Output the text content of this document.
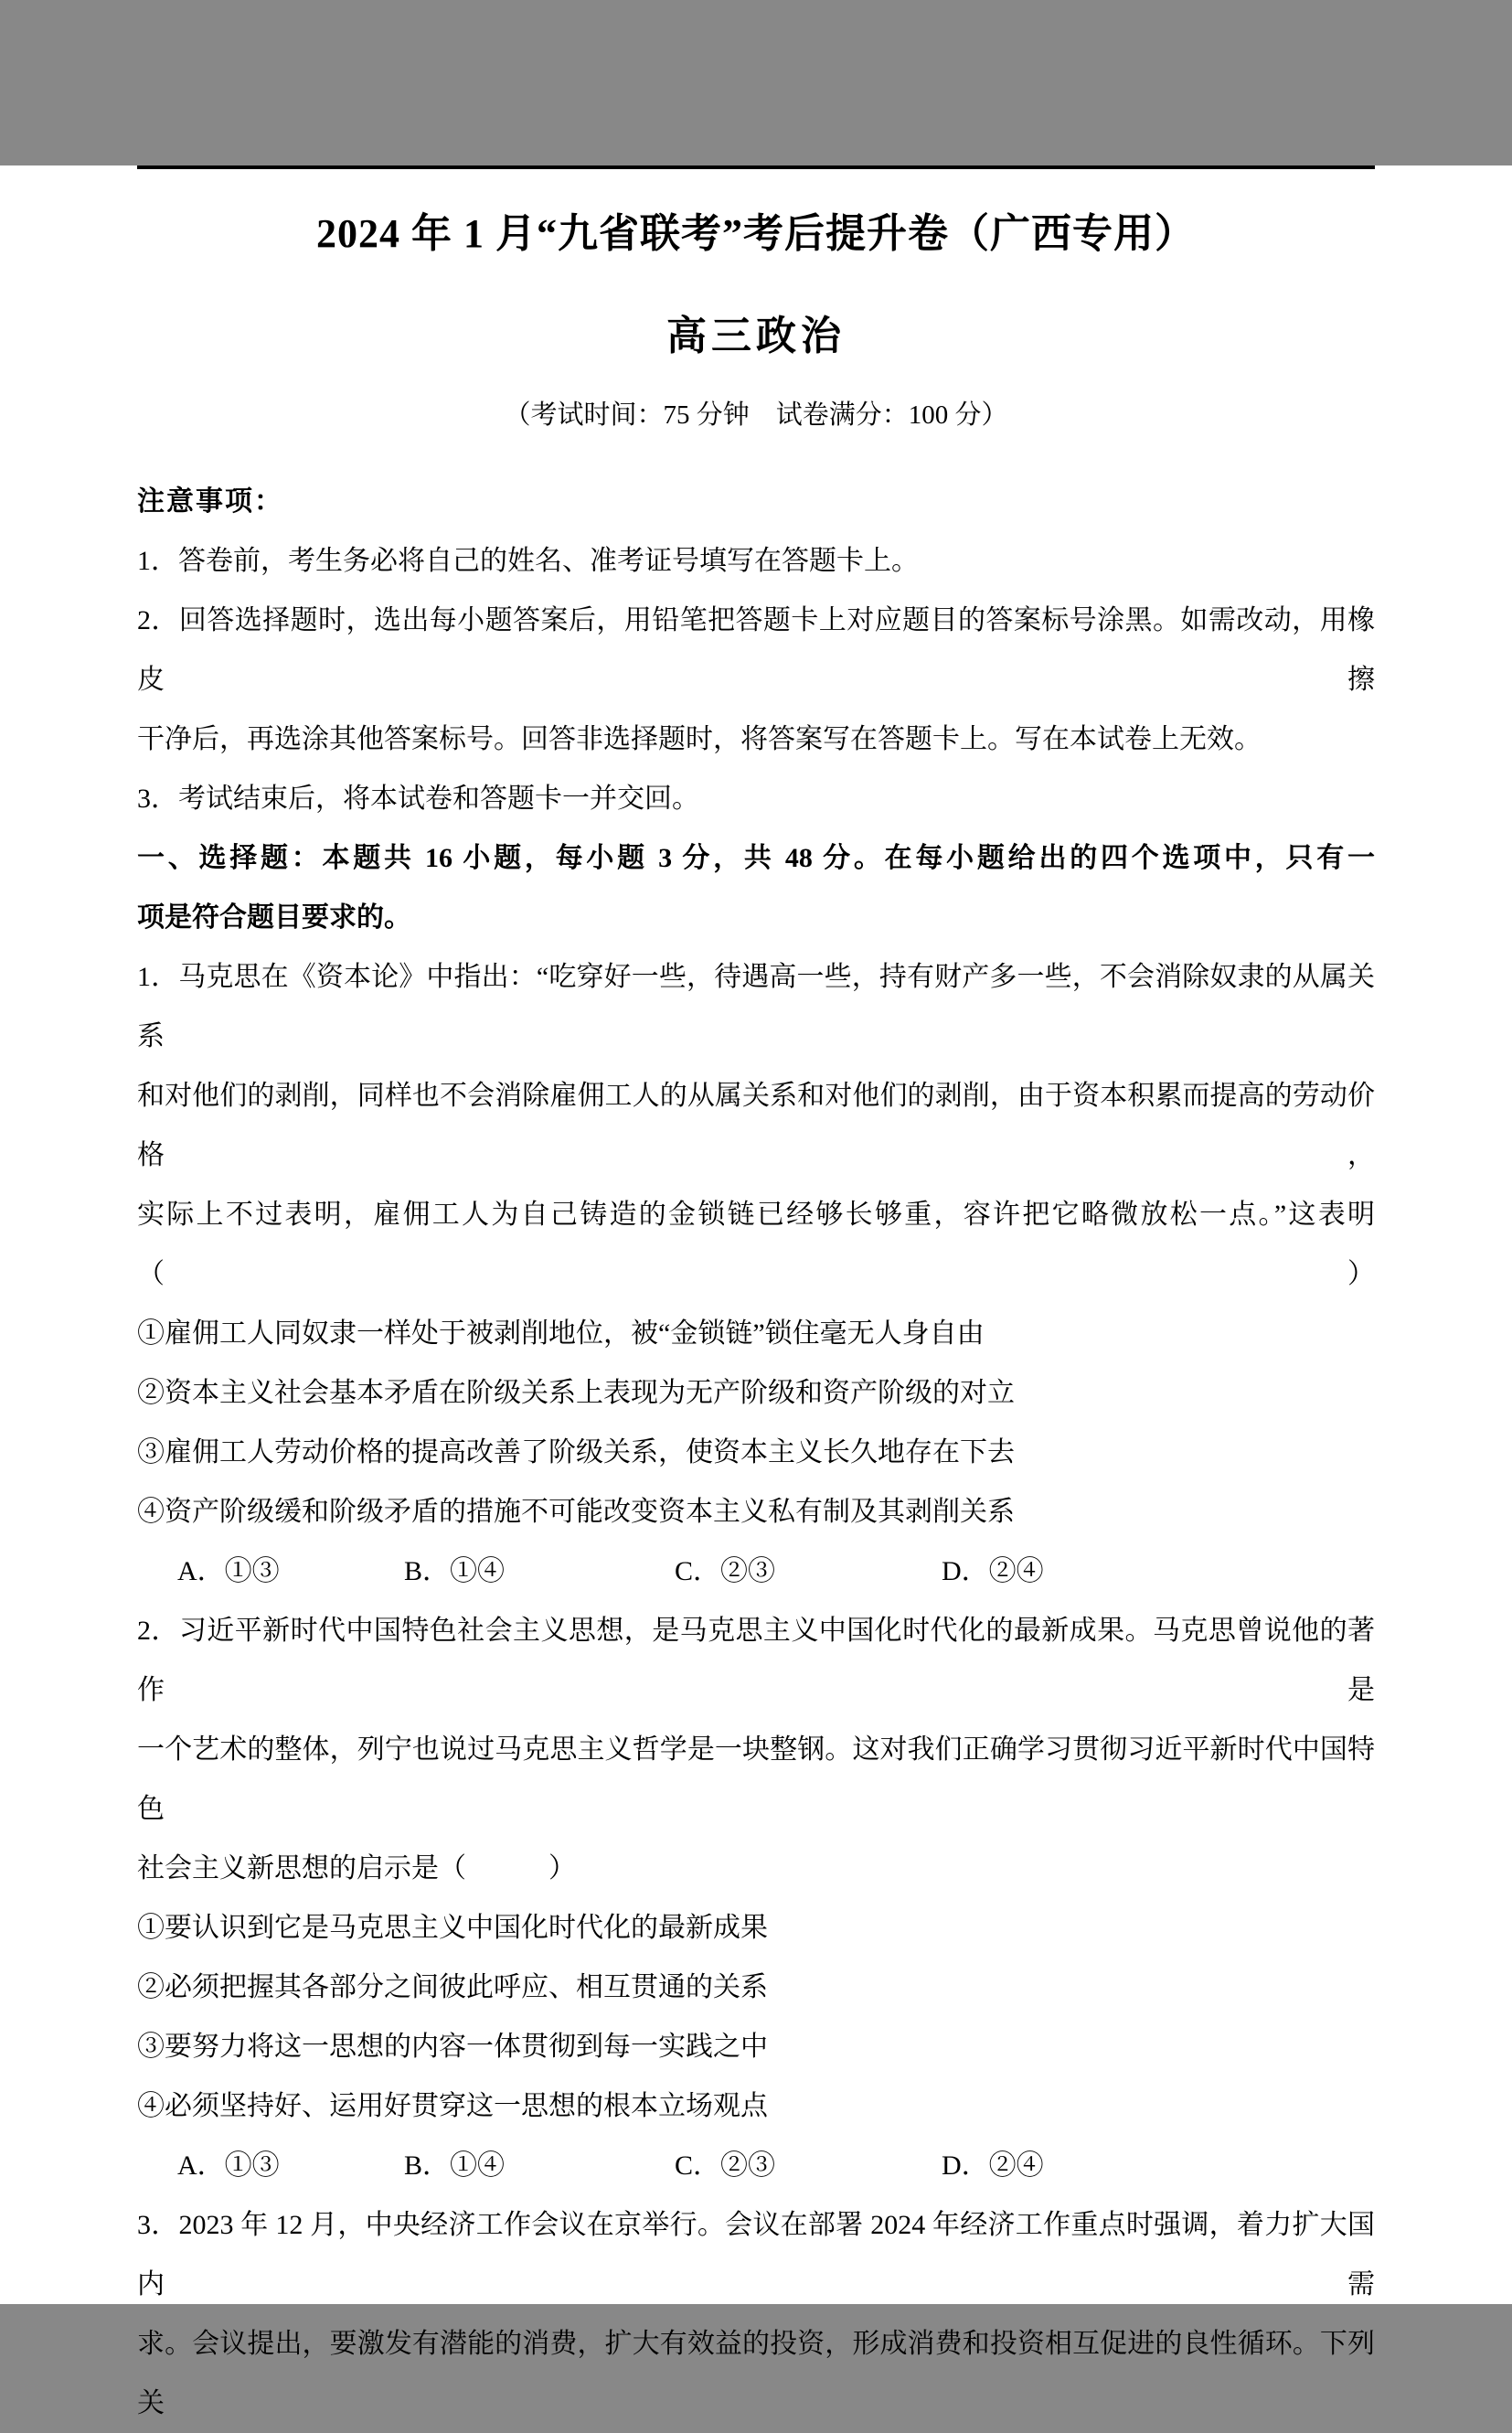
2024 年 1 月“九省联考”考后提升卷（广西专用）
高三政治
（考试时间：75 分钟　试卷满分：100 分）
注意事项：
1．答卷前，考生务必将自己的姓名、准考证号填写在答题卡上。
2．回答选择题时，选出每小题答案后，用铅笔把答题卡上对应题目的答案标号涂黑。如需改动，用橡皮擦
干净后，再选涂其他答案标号。回答非选择题时，将答案写在答题卡上。写在本试卷上无效。
3．考试结束后，将本试卷和答题卡一并交回。
一、选择题：本题共 16 小题，每小题 3 分，共 48 分。在每小题给出的四个选项中，只有一
项是符合题目要求的。
1．马克思在《资本论》中指出：“吃穿好一些，待遇高一些，持有财产多一些，不会消除奴隶的从属关系
和对他们的剥削，同样也不会消除雇佣工人的从属关系和对他们的剥削，由于资本积累而提高的劳动价格，
实际上不过表明，雇佣工人为自己铸造的金锁链已经够长够重，容许把它略微放松一点。”这表明（　　　）
①雇佣工人同奴隶一样处于被剥削地位，被“金锁链”锁住毫无人身自由
②资本主义社会基本矛盾在阶级关系上表现为无产阶级和资产阶级的对立
③雇佣工人劳动价格的提高改善了阶级关系，使资本主义长久地存在下去
④资产阶级缓和阶级矛盾的措施不可能改变资本主义私有制及其剥削关系
A．①③	B．①④	C．②③	D．②④
2．习近平新时代中国特色社会主义思想，是马克思主义中国化时代化的最新成果。马克思曾说他的著作是
一个艺术的整体，列宁也说过马克思主义哲学是一块整钢。这对我们正确学习贯彻习近平新时代中国特色
社会主义新思想的启示是（　　　）
①要认识到它是马克思主义中国化时代化的最新成果
②必须把握其各部分之间彼此呼应、相互贯通的关系
③要努力将这一思想的内容一体贯彻到每一实践之中
④必须坚持好、运用好贯穿这一思想的根本立场观点
A．①③	B．①④	C．②③	D．②④
3．2023 年 12 月，中央经济工作会议在京举行。会议在部署 2024 年经济工作重点时强调，着力扩大国内需
求。会议提出，要激发有潜能的消费，扩大有效益的投资，形成消费和投资相互促进的良性循环。下列关
